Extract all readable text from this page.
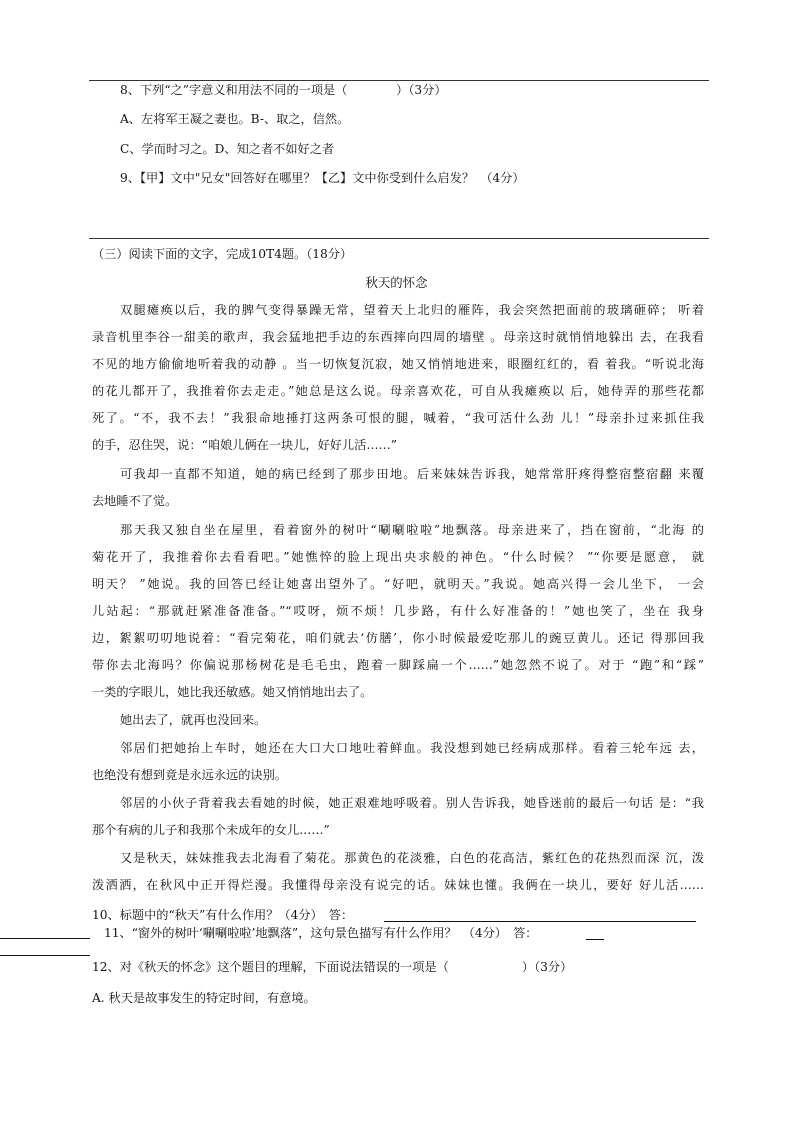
8、下列“之”字意义和用法不同的一项是（　　　　）（3分）
A、左将军王凝之妻也。B-、取之，信然。
C、学而时习之。D、知之者不如好之者
9、【甲】文中"兄女"回答好在哪里？【乙】文中你受到什么启发？　（4分）
（三）阅读下面的文字，完成10T4题。（18分）
秋天的怀念
双腿瘫痪以后，我的脾气变得暴躁无常，望着天上北归的雁阵，我会突然把面前的玻璃砸碎； 听着
录音机里李谷一甜美的歌声，我会猛地把手边的东西摔向四周的墙壁 。母亲这时就悄悄地躲出 去，在我看
不见的地方偷偷地听着我的动静 。当一切恢复沉寂，她又悄悄地进来，眼圈红红的，看 着我。“听说北海
的花儿都开了，我推着你去走走。”她总是这么说。母亲喜欢花，可自从我瘫痪以 后，她侍弄的那些花都
死了。“不，我不去！”我狠命地捶打这两条可恨的腿，喊着，“我可活什么劲 儿！”母亲扑过来抓住我
的手，忍住哭，说：“咱娘儿俩在一块儿，好好儿活……”
可我却一直都不知道，她的病已经到了那步田地。后来妹妹告诉我，她常常肝疼得整宿整宿翻 来覆
去地睡不了觉。
那天我又独自坐在屋里，看着窗外的树叶“唰唰啦啦”地飘落。母亲进来了，挡在窗前，“北海 的
菊花开了，我推着你去看看吧。”她憔悴的脸上现出央求般的神色。“什么时候？ ”“你要是愿意， 就
明天？ ”她说。我的回答已经让她喜出望外了。“好吧，就明天。”我说。她高兴得一会儿坐下， 一会
儿站起：“那就赶紧准备准备。”“哎呀，烦不烦！几步路，有什么好准备的！”她也笑了，坐在 我身
边，絮絮叨叨地说着：“看完菊花，咱们就去‘仿膳’，你小时候最爱吃那儿的豌豆黄儿。还记 得那回我
带你去北海吗？你偏说那杨树花是毛毛虫，跑着一脚踩扁一个……”她忽然不说了。对于 “跑”和“踩”
一类的字眼儿，她比我还敏感。她又悄悄地出去了。
她出去了，就再也没回来。
邻居们把她抬上车时，她还在大口大口地吐着鲜血。我没想到她已经病成那样。看着三轮车远 去，
也绝没有想到竟是永远永远的诀别。
邻居的小伙子背着我去看她的时候，她正艰难地呼吸着。别人告诉我，她昏迷前的最后一句话 是：“我
那个有病的儿子和我那个未成年的女儿……”
又是秋天，妹妹推我去北海看了菊花。那黄色的花淡雅，白色的花高洁，紫红色的花热烈而深 沉，泼
泼洒洒，在秋风中正开得烂漫。我懂得母亲没有说完的话。妹妹也懂。我俩在一块儿，要好 好儿活……
10、标题中的“秋天”有什么作用？（4分）　答：
11、“窗外的树叶‘唰唰啦啦’地飘落”，这句景色描写有什么作用？　（4分）　答：
12、对《秋天的怀念》这个题目的理解，下面说法错误的一项是（　　　　　　）（3分）
A. 秋天是故事发生的特定时间，有意境。
